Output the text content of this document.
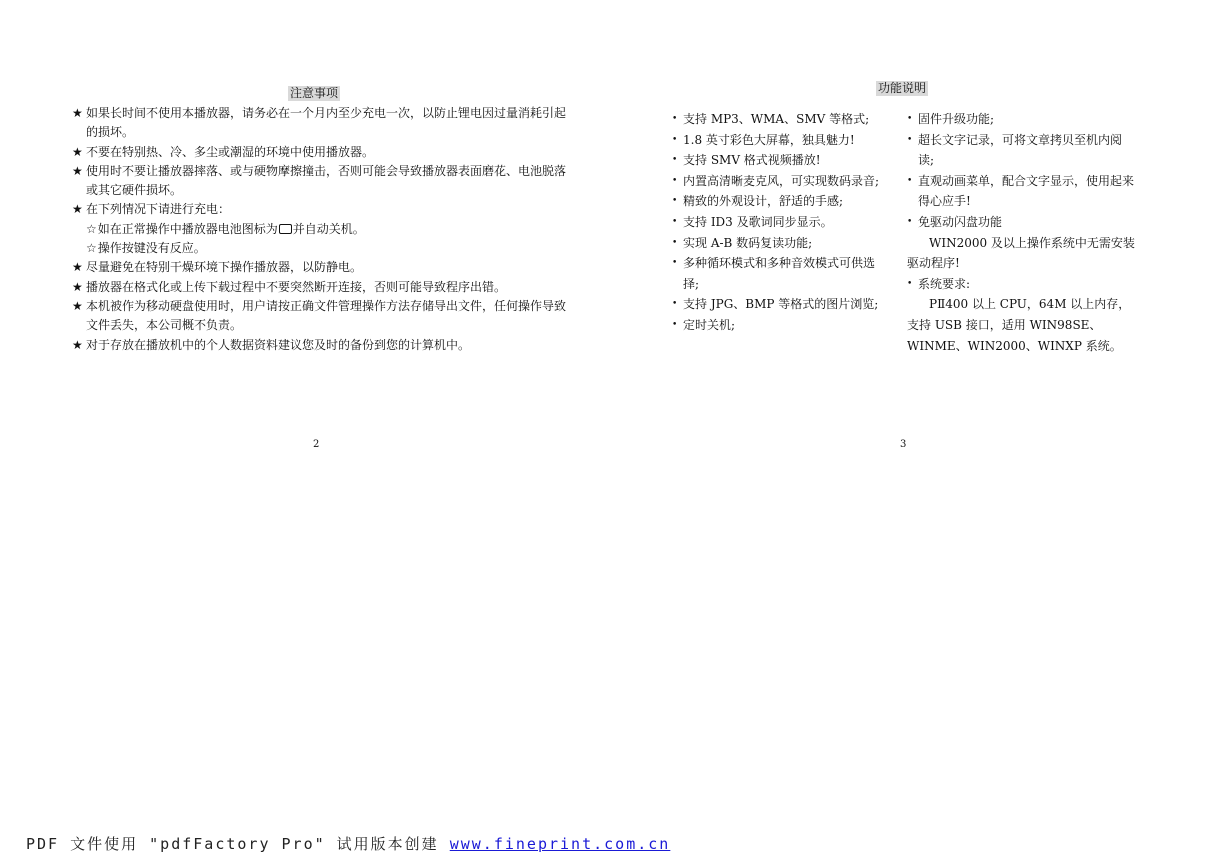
注意事项
★ 如果长时间不使用本播放器，请务必在一个月内至少充电一次，以防止锂电因过量消耗引起的损坏。
★ 不要在特别热、冷、多尘或潮湿的环境中使用播放器。
★ 使用时不要让播放器摔落、或与硬物摩擦撞击，否则可能会导致播放器表面磨花、电池脱落或其它硬件损坏。
★ 在下列情况下请进行充电：
☆如在正常操作中播放器电池图标为 并自动关机。
☆操作按键没有反应。
★ 尽量避免在特别干燥环境下操作播放器，以防静电。
★ 播放器在格式化或上传下载过程中不要突然断开连接，否则可能导致程序出错。
★ 本机被作为移动硬盘使用时，用户请按正确文件管理操作方法存储导出文件，任何操作导致文件丢失，本公司概不负责。
★ 对于存放在播放机中的个人数据资料建议您及时的备份到您的计算机中。
2
功能说明
• 支持 MP3、WMA、SMV 等格式;
• 1.8 英寸彩色大屏幕，独具魅力!
• 支持 SMV 格式视频播放!
• 内置高清晰麦克风，可实现数码录音;
• 精致的外观设计，舒适的手感;
• 支持 ID3 及歌词同步显示。
• 实现 A-B 数码复读功能;
• 多种循环模式和多种音效模式可供选择;
• 支持 JPG、BMP 等格式的图片浏览;
• 定时关机;
• 固件升级功能;
• 超长文字记录，可将文章拷贝至机内阅读;
• 直观动画菜单，配合文字显示，使用起来得心应手!
• 免驱动闪盘功能
WIN2000 及以上操作系统中无需安装驱动程序!
• 系统要求:
PⅡ400 以上 CPU，64M 以上内存，支持 USB 接口，适用 WIN98SE、WINME、WIN2000、WINXP 系统。
3
PDF 文件使用 "pdfFactory Pro" 试用版本创建 www.fineprint.com.cn
